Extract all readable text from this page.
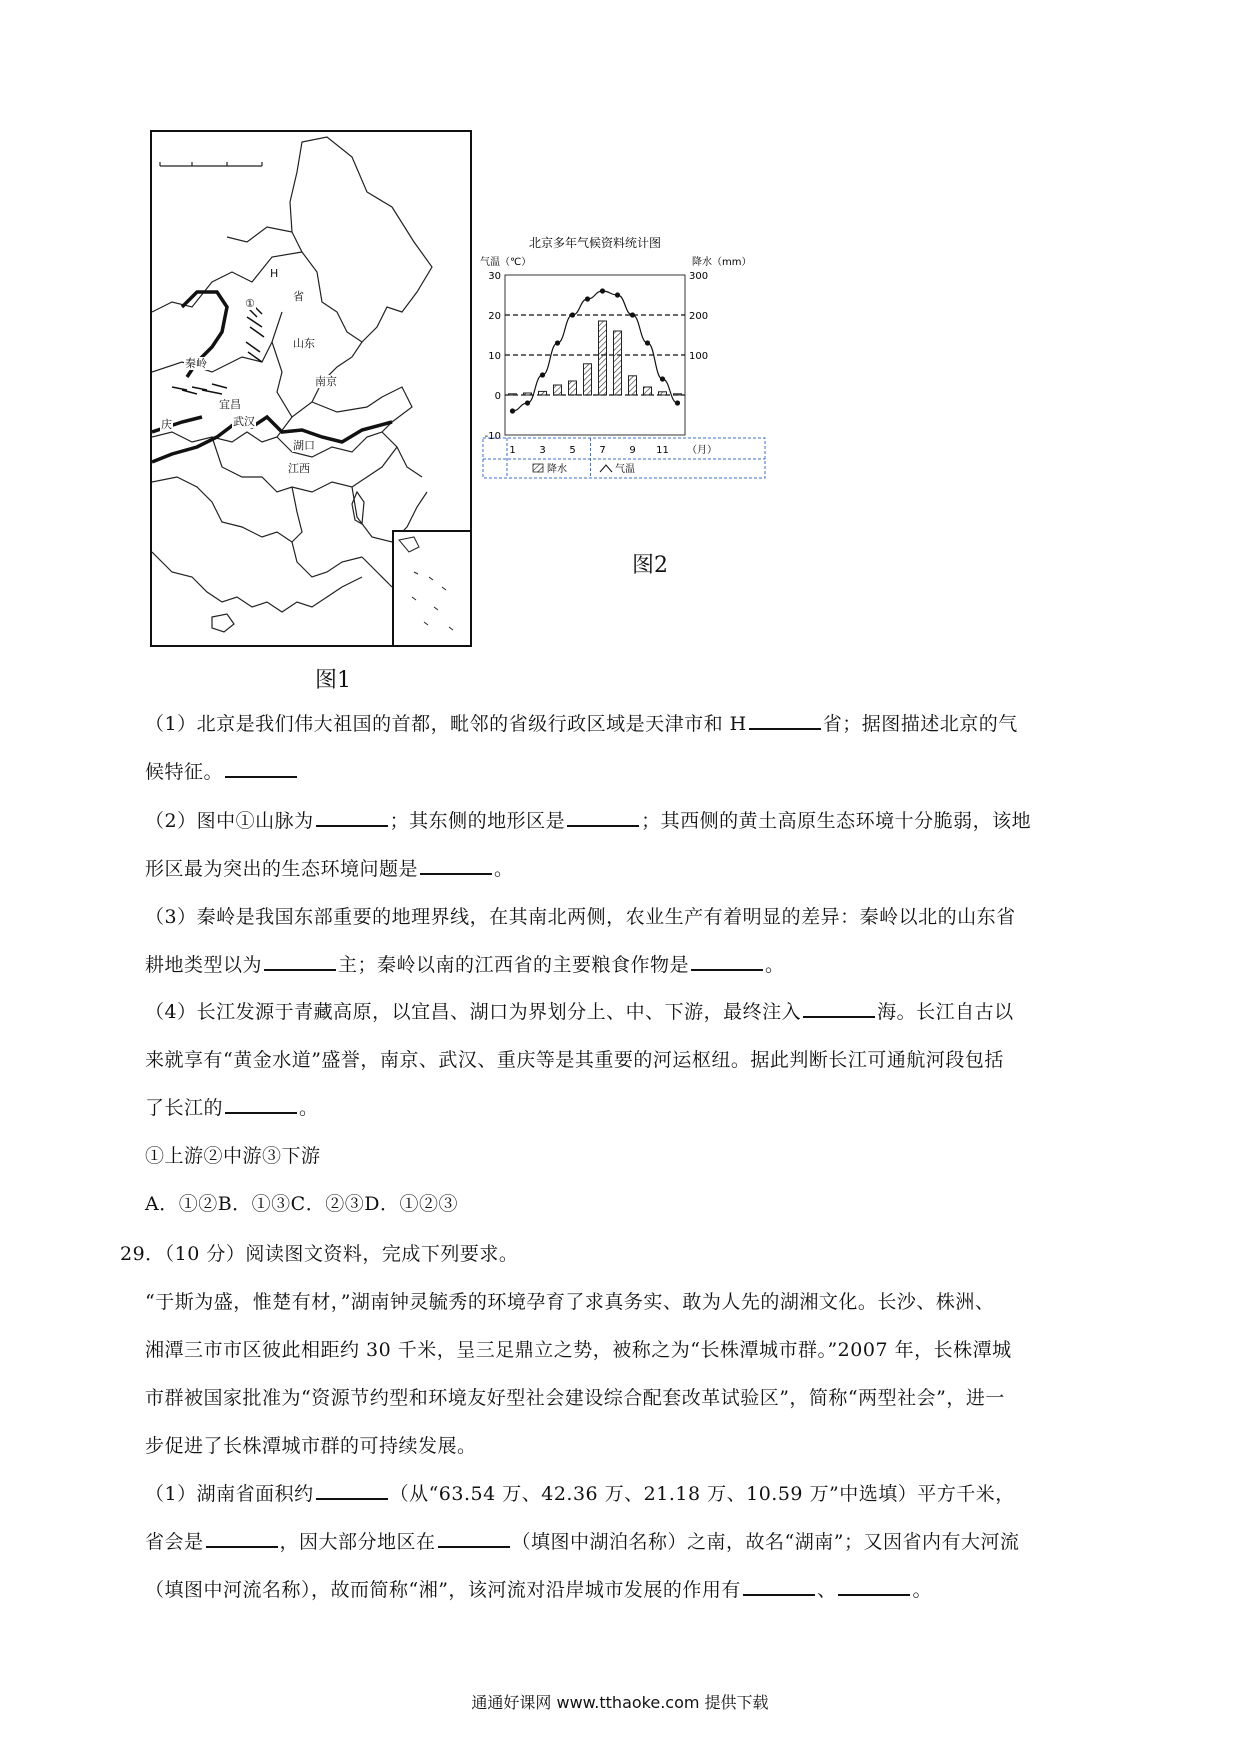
H
省
①
山东
秦岭
南京
宜昌
武汉
庆
湖口
江西
图1
北京多年气候资料统计图
气温（℃）	降水（mm）
30
20
10
0
-10
300
200
100
1 3 5 7 9 11 （月）
降水	气温
图2
（1）北京是我们伟大祖国的首都，毗邻的省级行政区域是天津市和 H	省；据图描述北京的气
候特征。
（2）图中①山脉为	；其东侧的地形区是	；其西侧的黄土高原生态环境十分脆弱，该地
形区最为突出的生态环境问题是	。
（3）秦岭是我国东部重要的地理界线，在其南北两侧，农业生产有着明显的差异：秦岭以北的山东省
耕地类型以为	主；秦岭以南的江西省的主要粮食作物是	。
（4）长江发源于青藏高原，以宜昌、湖口为界划分上、中、下游，最终注入	海。长江自古以
来就享有“黄金水道”盛誉，南京、武汉、重庆等是其重要的河运枢纽。据此判断长江可通航河段包括
了长江的	。
①上游②中游③下游
A．①②B．①③C．②③D．①②③
29．（10 分）阅读图文资料，完成下列要求。
“于斯为盛，惟楚有材，”湖南钟灵毓秀的环境孕育了求真务实、敢为人先的湖湘文化。长沙、株洲、
湘潭三市市区彼此相距约 30 千米，呈三足鼎立之势，被称之为“长株潭城市群。”2007 年，长株潭城
市群被国家批准为“资源节约型和环境友好型社会建设综合配套改革试验区”，简称“两型社会”，进一
步促进了长株潭城市群的可持续发展。
（1）湖南省面积约	（从“63.54 万、42.36 万、21.18 万、10.59 万”中选填）平方千米，
省会是	，因大部分地区在	（填图中湖泊名称）之南，故名“湖南”；又因省内有大河流
（填图中河流名称），故而简称“湘”，该河流对沿岸城市发展的作用有	、	。
通通好课网 www.tthaoke.com 提供下载
